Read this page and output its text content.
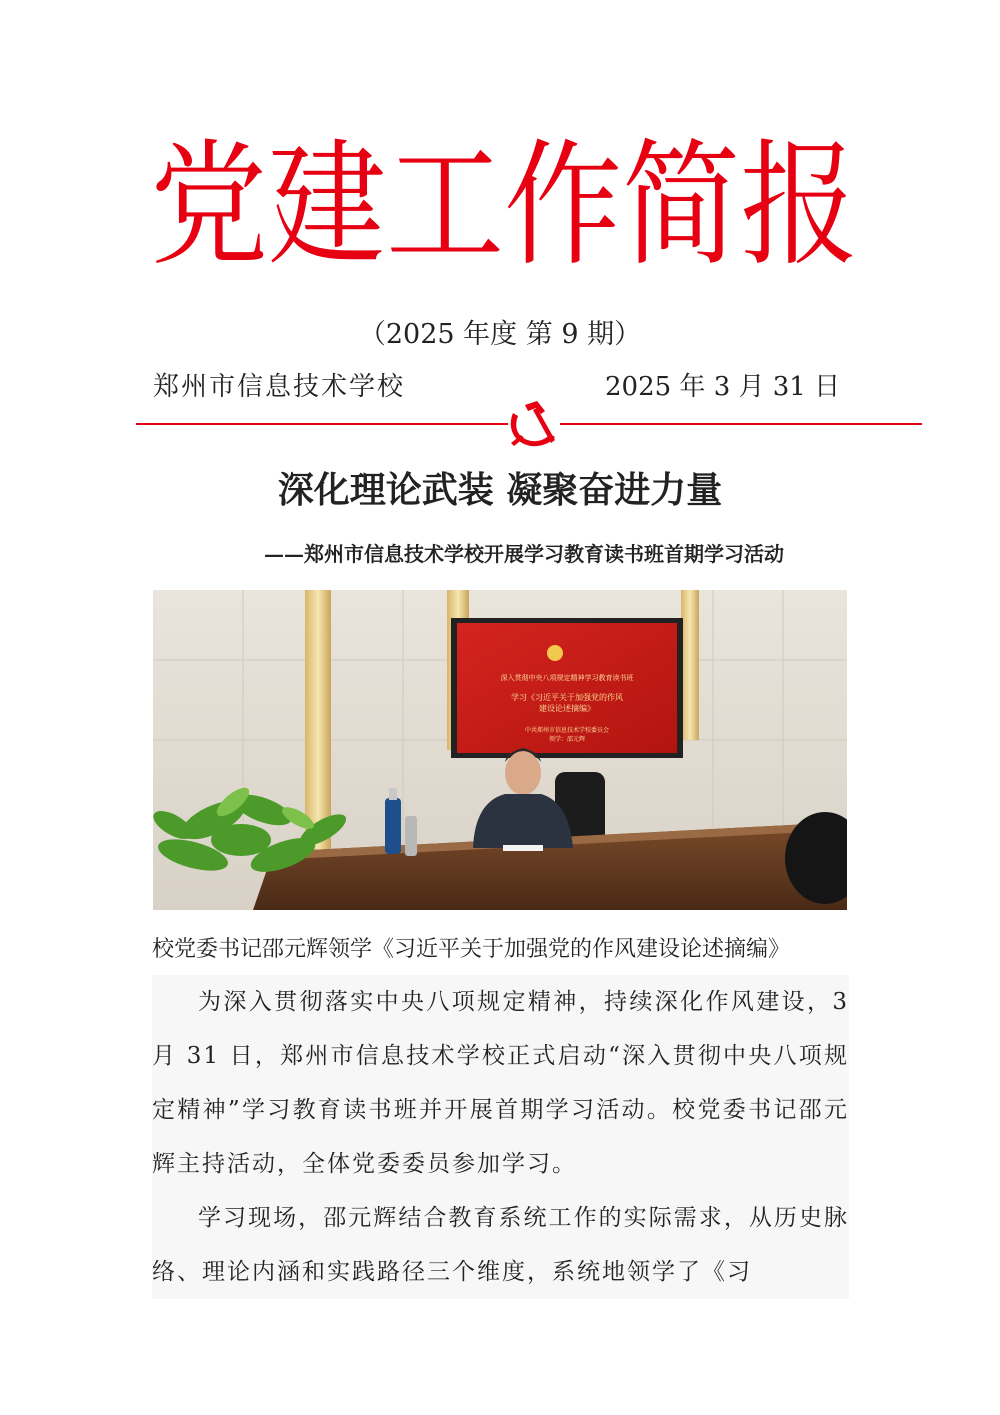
党 建 工 作 简 报
（2025 年度 第 9 期）
郑州市信息技术学校	2025 年 3 月 31 日
深化理论武装 凝聚奋进力量
——郑州市信息技术学校开展学习教育读书班首期学习活动
深入贯彻中央八项规定精神学习教育读书班
学习《习近平关于加强党的作风
建设论述摘编》
中共郑州市信息技术学校委员会
领学：邵元辉
校党委书记邵元辉领学《习近平关于加强党的作风建设论述摘编》

为深入贯彻落实中央八项规定精神，持续深化作风建设，3 月 31 日，郑州市信息技术学校正式启动“深入贯彻中央八项规定精神”学习教育读书班并开展首期学习活动。校党委书记邵元辉主持活动，全体党委委员参加学习。

学习现场，邵元辉结合教育系统工作的实际需求，从历史脉络、理论内涵和实践路径三个维度，系统地领学了《习
